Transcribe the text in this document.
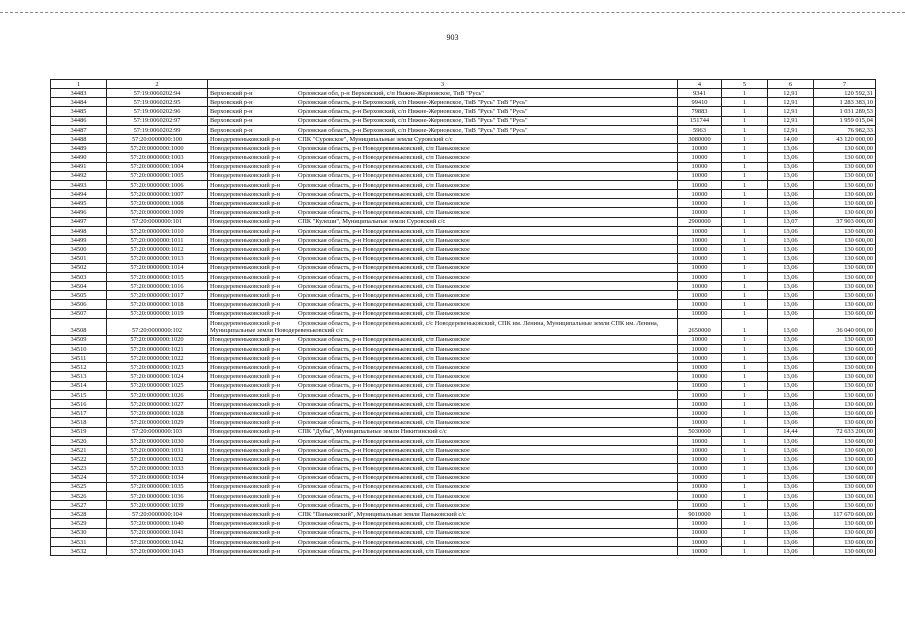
903
1	2	3	4	5	6	7
34483	57:19:0060202:94	Верховский р-н Орловская обл, р-н Верховский, с/п Нижне-Жерновское, ТиВ "Русь"	9341	1	12,91	120 592,31
34484	57:19:0060202:95	Верховский р-н Орловская область, р-н Верховский, с/п Нижне-Жерновское, ТиВ "Русь" ТиВ "Русь"	99410	1	12,91	1 283 383,10
34485	57:19:0060202:96	Верховский р-н Орловская область, р-н Верховский, с/п Нижне-Жерновское, ТиВ "Русь" ТиВ "Русь"	79883	1	12,91	1 031 289,53
34486	57:19:0060202:97	Верховский р-н Орловская область, р-н Верховский, с/п Нижне-Жерновское, ТиВ "Русь" ТиВ "Русь"	151744	1	12,91	1 959 015,04
34487	57:19:0060202:99	Верховский р-н Орловская область, р-н Верховский, с/п Нижне-Жерновское, ТиВ "Русь" ТиВ "Русь"	5963	1	12,91	76 982,33
34488	57:20:0000000:100	Новодеревеньковский р-н СПК "Суровское", Муниципальные земли Суровский с/с	3080000	1	14,00	43 120 000,00
34489	57:20:0000000:1000	Новодеревеньковский р-н Орловская область, р-н Новодеревеньковский, с/п Паньковское	10000	1	13,06	130 600,00
34490	57:20:0000000:1003	Новодеревеньковский р-н Орловская область, р-н Новодеревеньковский, с/п Паньковское	10000	1	13,06	130 600,00
34491	57:20:0000000:1004	Новодеревеньковский р-н Орловская область, р-н Новодеревеньковский, с/п Паньковское	10000	1	13,06	130 600,00
34492	57:20:0000000:1005	Новодеревеньковский р-н Орловская область, р-н Новодеревеньковский, с/п Паньковское	10000	1	13,06	130 600,00
34493	57:20:0000000:1006	Новодеревеньковский р-н Орловская область, р-н Новодеревеньковский, с/п Паньковское	10000	1	13,06	130 600,00
34494	57:20:0000000:1007	Новодеревеньковский р-н Орловская область, р-н Новодеревеньковский, с/п Паньковское	10000	1	13,06	130 600,00
34495	57:20:0000000:1008	Новодеревеньковский р-н Орловская область, р-н Новодеревеньковский, с/п Паньковское	10000	1	13,06	130 600,00
34496	57:20:0000000:1009	Новодеревеньковский р-н Орловская область, р-н Новодеревеньковский, с/п Паньковское	10000	1	13,06	130 600,00
34497	57:20:0000000:101	Новодеревеньковский р-н СПК "Кулеши", Муниципальные земли Суровский с/с	2900000	1	13,07	37 903 000,00
34498	57:20:0000000:1010	Новодеревеньковский р-н Орловская область, р-н Новодеревеньковский, с/п Паньковское	10000	1	13,06	130 600,00
34499	57:20:0000000:1011	Новодеревеньковский р-н Орловская область, р-н Новодеревеньковский, с/п Паньковское	10000	1	13,06	130 600,00
34500	57:20:0000000:1012	Новодеревеньковский р-н Орловская область, р-н Новодеревеньковский, с/п Паньковское	10000	1	13,06	130 600,00
34501	57:20:0000000:1013	Новодеревеньковский р-н Орловская область, р-н Новодеревеньковский, с/п Паньковское	10000	1	13,06	130 600,00
34502	57:20:0000000:1014	Новодеревеньковский р-н Орловская область, р-н Новодеревеньковский, с/п Паньковское	10000	1	13,06	130 600,00
34503	57:20:0000000:1015	Новодеревеньковский р-н Орловская область, р-н Новодеревеньковский, с/п Паньковское	10000	1	13,06	130 600,00
34504	57:20:0000000:1016	Новодеревеньковский р-н Орловская область, р-н Новодеревеньковский, с/п Паньковское	10000	1	13,06	130 600,00
34505	57:20:0000000:1017	Новодеревеньковский р-н Орловская область, р-н Новодеревеньковский, с/п Паньковское	10000	1	13,06	130 600,00
34506	57:20:0000000:1018	Новодеревеньковский р-н Орловская область, р-н Новодеревеньковский, с/п Паньковское	10000	1	13,06	130 600,00
34507	57:20:0000000:1019	Новодеревеньковский р-н Орловская область, р-н Новодеревеньковский, с/п Паньковское	10000	1	13,06	130 600,00
34508	57:20:0000000:102	Новодеревеньковский р-н Орловская область, р-н Новодеревеньковский, с/с Новодеревеньковский, СПК им. Ленина, Муниципальные земли СПК им. Ленина, Муниципальные земли Новодеревеньковский с/с	2650000	1	13,60	36 040 000,00
34509	57:20:0000000:1020	Новодеревеньковский р-н Орловская область, р-н Новодеревеньковский, с/п Паньковское	10000	1	13,06	130 600,00
34510	57:20:0000000:1021	Новодеревеньковский р-н Орловская область, р-н Новодеревеньковский, с/п Паньковское	10000	1	13,06	130 600,00
34511	57:20:0000000:1022	Новодеревеньковский р-н Орловская область, р-н Новодеревеньковский, с/п Паньковское	10000	1	13,06	130 600,00
34512	57:20:0000000:1023	Новодеревеньковский р-н Орловская область, р-н Новодеревеньковский, с/п Паньковское	10000	1	13,06	130 600,00
34513	57:20:0000000:1024	Новодеревеньковский р-н Орловская область, р-н Новодеревеньковский, с/п Паньковское	10000	1	13,06	130 600,00
34514	57:20:0000000:1025	Новодеревеньковский р-н Орловская область, р-н Новодеревеньковский, с/п Паньковское	10000	1	13,06	130 600,00
34515	57:20:0000000:1026	Новодеревеньковский р-н Орловская область, р-н Новодеревеньковский, с/п Паньковское	10000	1	13,06	130 600,00
34516	57:20:0000000:1027	Новодеревеньковский р-н Орловская область, р-н Новодеревеньковский, с/п Паньковское	10000	1	13,06	130 600,00
34517	57:20:0000000:1028	Новодеревеньковский р-н Орловская область, р-н Новодеревеньковский, с/п Паньковское	10000	1	13,06	130 600,00
34518	57:20:0000000:1029	Новодеревеньковский р-н Орловская область, р-н Новодеревеньковский, с/п Паньковское	10000	1	13,06	130 600,00
34519	57:20:0000000:103	Новодеревеньковский р-н СПК "Дубы", Муниципальные земли Никитинский с/с	5030000	1	14,44	72 633 200,00
34520	57:20:0000000:1030	Новодеревеньковский р-н Орловская область, р-н Новодеревеньковский, с/п Паньковское	10000	1	13,06	130 600,00
34521	57:20:0000000:1031	Новодеревеньковский р-н Орловская область, р-н Новодеревеньковский, с/п Паньковское	10000	1	13,06	130 600,00
34522	57:20:0000000:1032	Новодеревеньковский р-н Орловская область, р-н Новодеревеньковский, с/п Паньковское	10000	1	13,06	130 600,00
34523	57:20:0000000:1033	Новодеревеньковский р-н Орловская область, р-н Новодеревеньковский, с/п Паньковское	10000	1	13,06	130 600,00
34524	57:20:0000000:1034	Новодеревеньковский р-н Орловская область, р-н Новодеревеньковский, с/п Паньковское	10000	1	13,06	130 600,00
34525	57:20:0000000:1035	Новодеревеньковский р-н Орловская область, р-н Новодеревеньковский, с/п Паньковское	10000	1	13,06	130 600,00
34526	57:20:0000000:1036	Новодеревеньковский р-н Орловская область, р-н Новодеревеньковский, с/п Паньковское	10000	1	13,06	130 600,00
34527	57:20:0000000:1039	Новодеревеньковский р-н Орловская область, р-н Новодеревеньковский, с/п Паньковское	10000	1	13,06	130 600,00
34528	57:20:0000000:104	Новодеревеньковский р-н СПК "Паньковский", Муниципальные земли Паньковский с/с	9010000	1	13,06	117 670 600,00
34529	57:20:0000000:1040	Новодеревеньковский р-н Орловская область, р-н Новодеревеньковский, с/п Паньковское	10000	1	13,06	130 600,00
34530	57:20:0000000:1041	Новодеревеньковский р-н Орловская область, р-н Новодеревеньковский, с/п Паньковское	10000	1	13,06	130 600,00
34531	57:20:0000000:1042	Новодеревеньковский р-н Орловская область, р-н Новодеревеньковский, с/п Паньковское	10000	1	13,06	130 600,00
34532	57:20:0000000:1043	Новодеревеньковский р-н Орловская область, р-н Новодеревеньковский, с/п Паньковское	10000	1	13,06	130 600,00
